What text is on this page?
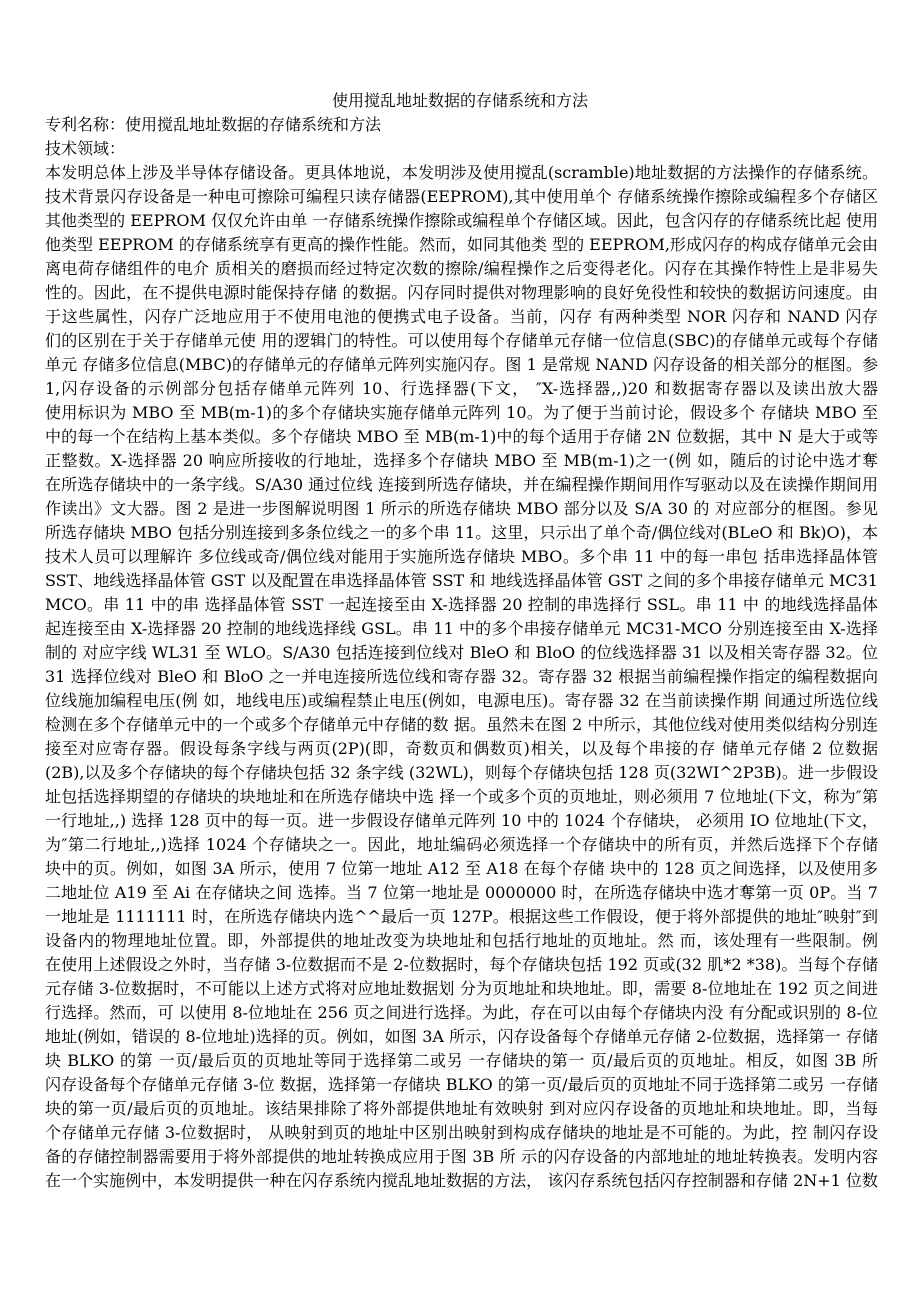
使用搅乱地址数据的存储系统和方法
专利名称：使用搅乱地址数据的存储系统和方法
技术领域：
本发明总体上涉及半导体存储设备。更具体地说，本发明涉及使用搅乱(scramble)地址数据的方法操作的存储系统。
技术背景闪存设备是一种电可擦除可编程只读存储器(EEPROM),其中使用单个 存储系统操作擦除或编程多个存储区
其他类型的 EEPROM 仅仅允许由单 一存储系统操作擦除或编程单个存储区域。因此，包含闪存的存储系统比起 使用
他类型 EEPROM 的存储系统享有更高的操作性能。然而，如同其他类 型的 EEPROM,形成闪存的构成存储单元会由
离电荷存储组件的电介 质相关的磨损而经过特定次数的擦除/编程操作之后变得老化。闪存在其操作特性上是非易失
性的。因此，在不提供电源时能保持存储 的数据。闪存同时提供对物理影响的良好免役性和较快的数据访问速度。由
于这些属性，闪存广泛地应用于不使用电池的便携式电子设备。当前，闪存 有两种类型 NOR 闪存和 NAND 闪存
们的区别在于关于存储单元使 用的逻辑门的特性。可以使用每个存储单元存储一位信息(SBC)的存储单元或每个存储
单元 存储多位信息(MBC)的存储单元的存储单元阵列实施闪存。图 1 是常规 NAND 闪存设备的相关部分的框图。参
1,闪存设备的示例部分包括存储单元阵列 10、行选择器(下文， ″X-选择器,,)20 和数据寄存器以及读出放大器
使用标识为 MBO 至 MB(m-1)的多个存储块实施存储单元阵列 10。为了便于当前讨论，假设多个 存储块 MBO 至
中的每一个在结构上基本类似。多个存储块 MBO 至 MB(m-1)中的每个适用于存储 2N 位数据，其中 N 是大于或等
正整数。X-选择器 20 响应所接收的行地址，选择多个存储块 MBO 至 MB(m-1)之一(例 如，随后的讨论中选才奪
在所选存储块中的一条字线。S/A30 通过位线 连接到所选存储块，并在编程操作期间用作写驱动以及在读操作期间用
作读出》文大器。图 2 是进一步图解说明图 1 所示的所选存储块 MBO 部分以及 S/A 30 的 对应部分的框图。参见
所选存储块 MBO 包括分别连接到多条位线之一的多个串 11。这里，只示出了单个奇/偶位线对(BLeO 和 Bk)O)，本
技术人员可以理解许 多位线或奇/偶位线对能用于实施所选存储块 MBO。多个串 11 中的每一串包 括串选择晶体管
SST、地线选择晶体管 GST 以及配置在串选择晶体管 SST 和 地线选择晶体管 GST 之间的多个串接存储单元 MC31
MCO。串 11 中的串 选择晶体管 SST 一起连接至由 X-选择器 20 控制的串选择行 SSL。串 11 中 的地线选择晶体
起连接至由 X-选择器 20 控制的地线选择线 GSL。串 11 中的多个串接存储单元 MC31-MCO 分别连接至由 X-选择
制的 对应字线 WL31 至 WLO。S/A30 包括连接到位线对 BleO 和 BloO 的位线选择器 31 以及相关寄存器 32。位
31 选择位线对 BleO 和 BloO 之一并电连接所选位线和寄存器 32。寄存器 32 根据当前编程操作指定的编程数据向
位线施加编程电压(例 如，地线电压)或编程禁止电压(例如，电源电压)。寄存器 32 在当前读操作期 间通过所选位线
检测在多个存储单元中的一个或多个存储单元中存储的数 据。虽然未在图 2 中所示，其他位线对使用类似结构分别连
接至对应寄存器。假设每条字线与两页(2P)(即，奇数页和偶数页)相关，以及每个串接的存 储单元存储 2 位数据
(2B),以及多个存储块的每个存储块包括 32 条字线 (32WL)，则每个存储块包括 128 页(32WI^2P3B)。进一步假设
址包括选择期望的存储块的块地址和在所选存储块中选 择一个或多个页的页地址，则必须用 7 位地址(下文，称为″第
一行地址,,) 选择 128 页中的每一页。进一步假设存储单元阵列 10 中的 1024 个存储块， 必须用 IO 位地址(下文，
为″第二行地址,,)选择 1024 个存储块之一。因此，地址编码必须选择一个存储块中的所有页，并然后选择下个存储
块中的页。例如，如图 3A 所示，使用 7 位第一地址 A12 至 A18 在每个存储 块中的 128 页之间选择，以及使用多
二地址位 A19 至 Ai 在存储块之间 选捧。当 7 位第一地址是 0000000 时，在所选存储块中选才奪第一页 0P。当 7
一地址是 1111111 时，在所选存储块内选^^最后一页 127P。根据这些工作假设，便于将外部提供的地址″映射″到
设备内的物理地址位置。即，外部提供的地址改变为块地址和包括行地址的页地址。然 而，该处理有一些限制。例
在使用上述假设之外时，当存储 3-位数据而不是 2-位数据时，每个存储块包括 192 页或(32 肌*2 *38)。当每个存储
元存储 3-位数据时，不可能以上述方式将对应地址数据划 分为页地址和块地址。即，需要 8-位地址在 192 页之间进
行选择。然而，可 以使用 8-位地址在 256 页之间进行选择。为此，存在可以由每个存储块内没 有分配或识别的 8-位
地址(例如，错误的 8-位地址)选择的页。例如，如图 3A 所示，闪存设备每个存储单元存储 2-位数据，选择第一 存储
块 BLKO 的第 一页/最后页的页地址等同于选择第二或另 一存储块的第一 页/最后页的页地址。相反，如图 3B 所
闪存设备每个存储单元存储 3-位 数据，选择第一存储块 BLKO 的第一页/最后页的页地址不同于选择第二或另 一存储
块的第一页/最后页的页地址。该结果排除了将外部提供地址有效映射 到对应闪存设备的页地址和块地址。即，当每
个存储单元存储 3-位数据时， 从映射到页的地址中区别出映射到构成存储块的地址是不可能的。为此，控 制闪存设
备的存储控制器需要用于将外部提供的地址转换成应用于图 3B 所 示的闪存设备的内部地址的地址转换表。发明内容
在一个实施例中，本发明提供一种在闪存系统内搅乱地址数据的方法， 该闪存系统包括闪存控制器和存储 2N+1 位数
